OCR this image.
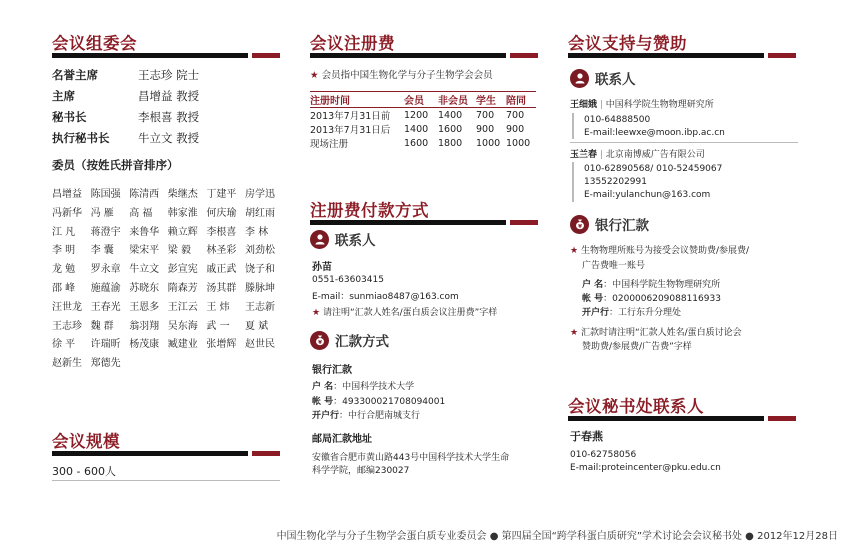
会议组委会
名誉主席	王志珍 院士
主席	昌增益 教授
秘书长	李根喜 教授
执行秘书长 牛立文 教授
委员（按姓氏拼音排序）
昌增益 陈国强 陈清西 柴继杰 丁建平 房学迅
冯新华 冯 雁 高 福 韩家淮 何庆瑜 胡红雨
江 凡 蒋澄宇 来鲁华 赖立辉 李根喜 李 林
李 明 李 囊 梁宋平 梁 毅 林圣彩 刘劲松
龙 勉 罗永章 牛立文 彭宣宪 戚正武 饶子和
邵 峰 施蕴渝 苏晓东 隋森芳 汤其群 滕脉坤
汪世龙 王春光 王恩多 王江云 王 炜 王志新
王志珍 魏 群 翁羽翔 吴东海 武 一 夏 斌
徐 平 许瑞昕 杨茂康 臧建业 张增辉 赵世民
赵新生 郑德先
会议规模
300 - 600人
会议注册费
★ 会员指中国生物化学与分子生物学会会员
注册时间	会员	非会员	学生	陪同
2013年7月31日前	1200	1400	700	700
2013年7月31日后	1400	1600	900	900
现场注册	1600	1800	1000	1000
注册费付款方式
联系人
孙苗
0551-63603415
E-mail：sunmiao8487@163.com
★ 请注明“汇款人姓名/蛋白质会议注册费”字样
¥ 汇款方式
银行汇款
户 名：中国科学技术大学
帐 号：4933000217080940​01
开户行：中行合肥南城支行
邮局汇款地址
安徽省合肥市黄山路443号中国科学技术大学生命
科学学院，邮编230027
会议支持与赞助
联系人
王细娥 | 中国科学院生物物理研究所
010-64888500
E-mail:leewxe@moon.ibp.ac.cn
玉兰春 | 北京南博威广告有限公司
010-62890568/ 010-52459067
13552202991
E-mail:yulanchun@163.com
¥ 银行汇款
★ 生物物理所账号为接受会议赞助费/参展费/
广告费唯一账号
户 名：中国科学院生物物理研究所
帐 号：0200006209088116933
开户行：工行东升分理处
★ 汇款时请注明“汇款人姓名/蛋白质讨论会
赞助费/参展费/广告费”字样
会议秘书处联系人
于春燕
010-62758056
E-mail:proteincenter@pku.edu.cn
中国生物化学与分子生物学会蛋白质专业委员会 ● 第四届全国“跨学科蛋白质研究”学术讨论会会议秘书处 ● 2012年12月28日
